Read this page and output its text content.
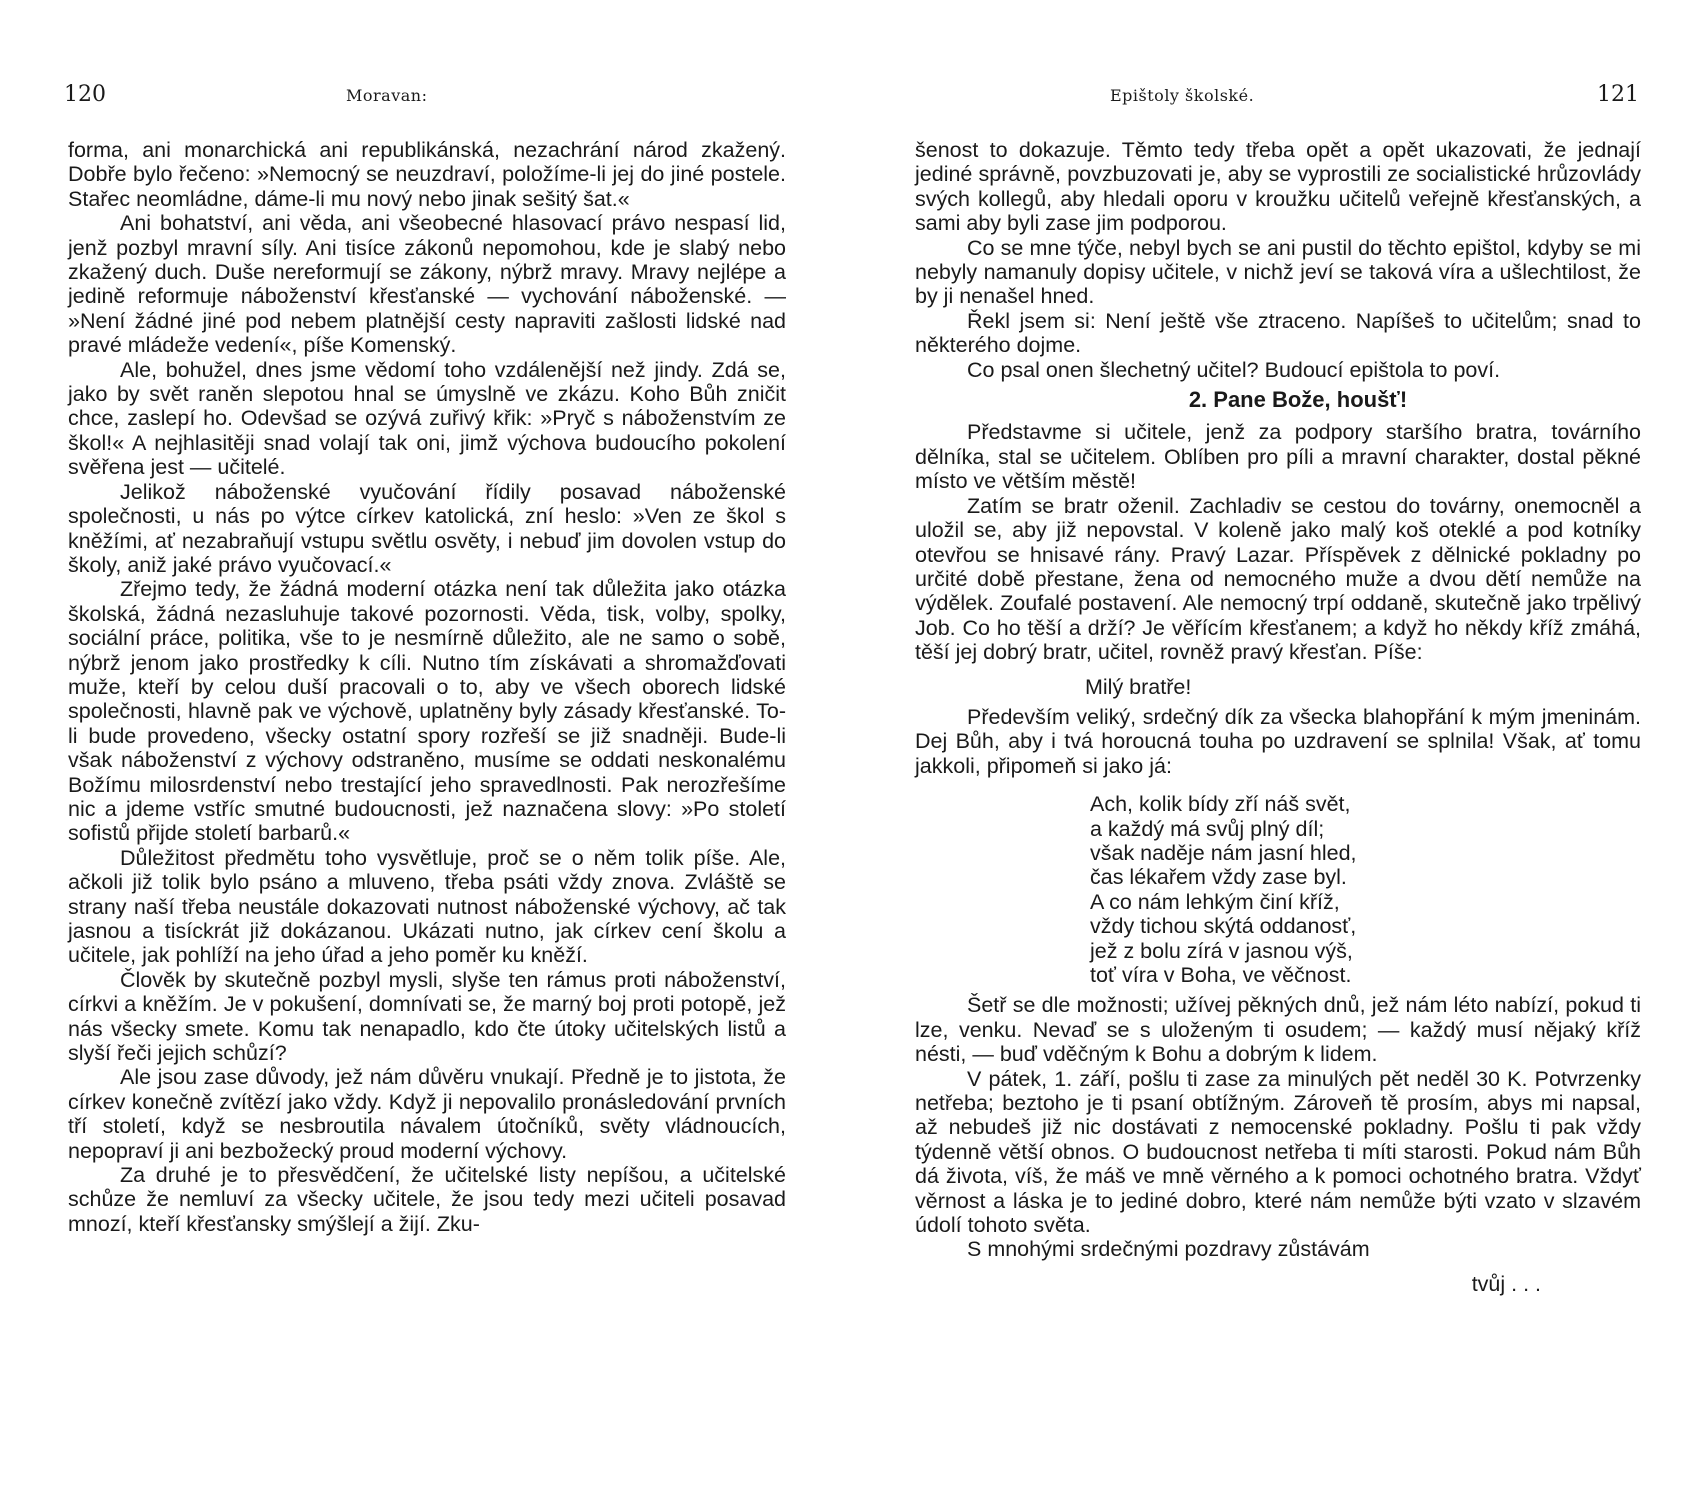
120	Moravan:

forma, ani monarchická ani republikánská, nezachrání národ zkažený. Dobře bylo řečeno: »Nemocný se neuzdraví, položíme-li jej do jiné postele. Stařec neomládne, dáme-li mu nový nebo jinak sešitý šat.«

Ani bohatství, ani věda, ani všeobecné hlasovací právo nespasí lid, jenž pozbyl mravní síly. Ani tisíce zákonů nepomohou, kde je slabý nebo zkažený duch. Duše nereformují se zákony, nýbrž mravy. Mravy nejlépe a jedině reformuje náboženství křesťanské — vychování náboženské. — »Není žádné jiné pod nebem platnější cesty napraviti zašlosti lidské nad pravé mládeže vedení«, píše Komenský.

Ale, bohužel, dnes jsme vědomí toho vzdálenější než jindy. Zdá se, jako by svět raněn slepotou hnal se úmyslně ve zkázu. Koho Bůh zničit chce, zaslepí ho. Odevšad se ozývá zuřivý křik: »Pryč s náboženstvím ze škol!« A nejhlasitěji snad volají tak oni, jimž výchova budoucího pokolení svěřena jest — učitelé.

Jelikož náboženské vyučování řídily posavad náboženské společnosti, u nás po výtce církev katolická, zní heslo: »Ven ze škol s kněžími, ať nezabraňují vstupu světlu osvěty, i nebuď jim dovolen vstup do školy, aniž jaké právo vyučovací.«

Zřejmo tedy, že žádná moderní otázka není tak důležita jako otázka školská, žádná nezasluhuje takové pozornosti. Věda, tisk, volby, spolky, sociální práce, politika, vše to je nesmírně důležito, ale ne samo o sobě, nýbrž jenom jako prostředky k cíli. Nutno tím získávati a shromažďovati muže, kteří by celou duší pracovali o to, aby ve všech oborech lidské společnosti, hlavně pak ve výchově, uplatněny byly zásady křesťanské. To-li bude provedeno, všecky ostatní spory rozřeší se již snadněji. Bude-li však náboženství z výchovy odstraněno, musíme se oddati neskonalému Božímu milosrdenství nebo trestající jeho spravedlnosti. Pak nerozřešíme nic a jdeme vstříc smutné budoucnosti, jež naznačena slovy: »Po století sofistů přijde století barbarů.«

Důležitost předmětu toho vysvětluje, proč se o něm tolik píše. Ale, ačkoli již tolik bylo psáno a mluveno, třeba psáti vždy znova. Zvláště se strany naší třeba neustále dokazovati nutnost náboženské výchovy, ač tak jasnou a tisíckrát již dokázanou. Ukázati nutno, jak církev cení školu a učitele, jak pohlíží na jeho úřad a jeho poměr ku kněží.

Člověk by skutečně pozbyl mysli, slyše ten rámus proti náboženství, církvi a kněžím. Je v pokušení, domnívati se, že marný boj proti potopě, jež nás všecky smete. Komu tak nenapadlo, kdo čte útoky učitelských listů a slyší řeči jejich schůzí?

Ale jsou zase důvody, jež nám důvěru vnukají. Předně je to jistota, že církev konečně zvítězí jako vždy. Když ji nepovalilo pronásledování prvních tří století, když se nesbroutila návalem útočníků, světy vládnoucích, nepopraví ji ani bezbožecký proud moderní výchovy.

Za druhé je to přesvědčení, že učitelské listy nepíšou, a učitelské schůze že nemluví za všecky učitele, že jsou tedy mezi učiteli posavad mnozí, kteří křesťansky smýšlejí a žijí. Zku-

Epištoly školské.	121

šenost to dokazuje. Těmto tedy třeba opět a opět ukazovati, že jednají jediné správně, povzbuzovati je, aby se vyprostili ze socialistické hrůzovlády svých kollegů, aby hledali oporu v kroužku učitelů veřejně křesťanských, a sami aby byli zase jim podporou.

Co se mne týče, nebyl bych se ani pustil do těchto epištol, kdyby se mi nebyly namanuly dopisy učitele, v nichž jeví se taková víra a ušlechtilost, že by ji nenašel hned.

Řekl jsem si: Není ještě vše ztraceno. Napíšeš to učitelům; snad to některého dojme.

Co psal onen šlechetný učitel? Budoucí epištola to poví.

2. Pane Bože, houšť!

Představme si učitele, jenž za podpory staršího bratra, továrního dělníka, stal se učitelem. Oblíben pro píli a mravní charakter, dostal pěkné místo ve větším městě!

Zatím se bratr oženil. Zachladiv se cestou do továrny, onemocněl a uložil se, aby již nepovstal. V koleně jako malý koš oteklé a pod kotníky otevřou se hnisavé rány. Pravý Lazar. Příspěvek z dělnické pokladny po určité době přestane, žena od nemocného muže a dvou dětí nemůže na výdělek. Zoufalé postavení. Ale nemocný trpí oddaně, skutečně jako trpělivý Job. Co ho těší a drží? Je věřícím křesťanem; a když ho někdy kříž zmáhá, těší jej dobrý bratr, učitel, rovněž pravý křesťan. Píše:

Milý bratře!

Především veliký, srdečný dík za všecka blahopřání k mým jmeninám. Dej Bůh, aby i tvá horoucná touha po uzdravení se splnila! Však, ať tomu jakkoli, připomeň si jako já:

Ach, kolik bídy zří náš svět,
a každý má svůj plný díl;
však naděje nám jasní hled,
čas lékařem vždy zase byl.
A co nám lehkým činí kříž,
vždy tichou skýtá oddanosť,
jež z bolu zírá v jasnou výš,
toť víra v Boha, ve věčnost.

Šetř se dle možnosti; užívej pěkných dnů, jež nám léto nabízí, pokud ti lze, venku. Nevaď se s uloženým ti osudem; — každý musí nějaký kříž nésti, — buď vděčným k Bohu a dobrým k lidem.

V pátek, 1. září, pošlu ti zase za minulých pět neděl 30 K. Potvrzenky netřeba; beztoho je ti psaní obtížným. Zároveň tě prosím, abys mi napsal, až nebudeš již nic dostávati z nemocenské pokladny. Pošlu ti pak vždy týdenně větší obnos. O budoucnost netřeba ti míti starosti. Pokud nám Bůh dá života, víš, že máš ve mně věrného a k pomoci ochotného bratra. Vždyť věrnost a láska je to jediné dobro, které nám nemůže býti vzato v slzavém údolí tohoto světa.

S mnohými srdečnými pozdravy zůstávám

tvůj . . .
